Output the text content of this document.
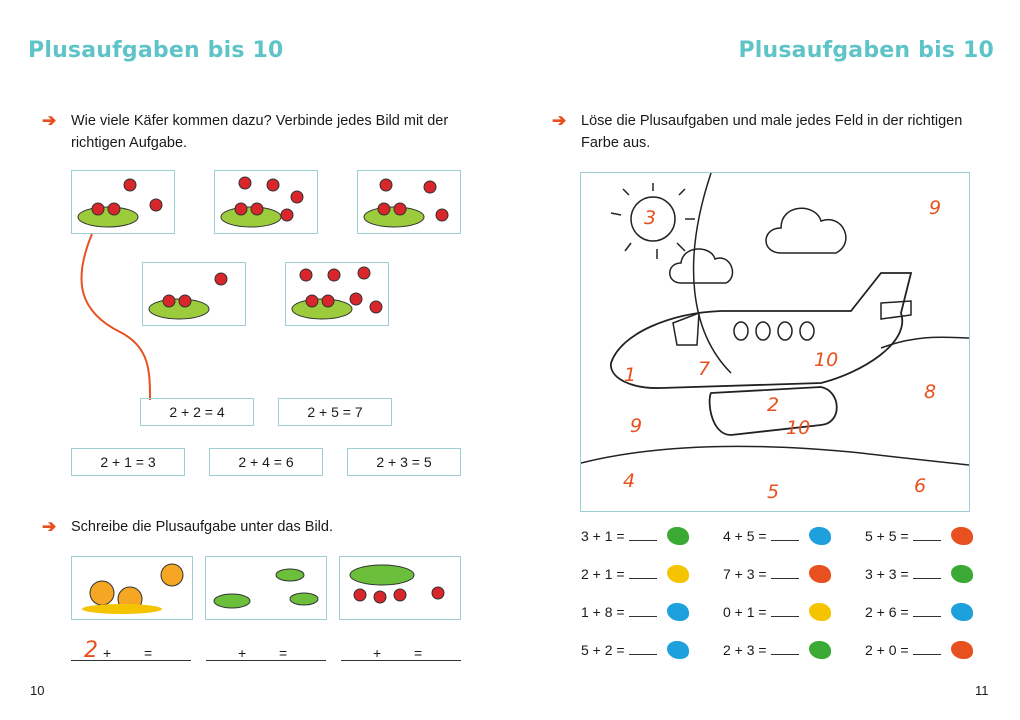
Plusaufgaben bis 10
➔ Wie viele Käfer kommen dazu? Verbinde jedes Bild mit der richtigen Aufgabe.
2 + 2 = 4	2 + 5 = 7
2 + 1 = 3	2 + 4 = 6	2 + 3 = 5
➔ Schreibe die Plusaufgabe unter das Bild.
2 + =	+ =	+ =
10
Plusaufgaben bis 10
➔ Löse die Plusaufgaben und male jedes Feld in der richtigen Farbe aus.
3	9
1	7	10
8
2
9	10
4	5	6
3 + 1 =	4 + 5 =	5 + 5 =
2 + 1 =	7 + 3 =	3 + 3 =
1 + 8 =	0 + 1 =	2 + 6 =
5 + 2 =	2 + 3 =	2 + 0 =
11
